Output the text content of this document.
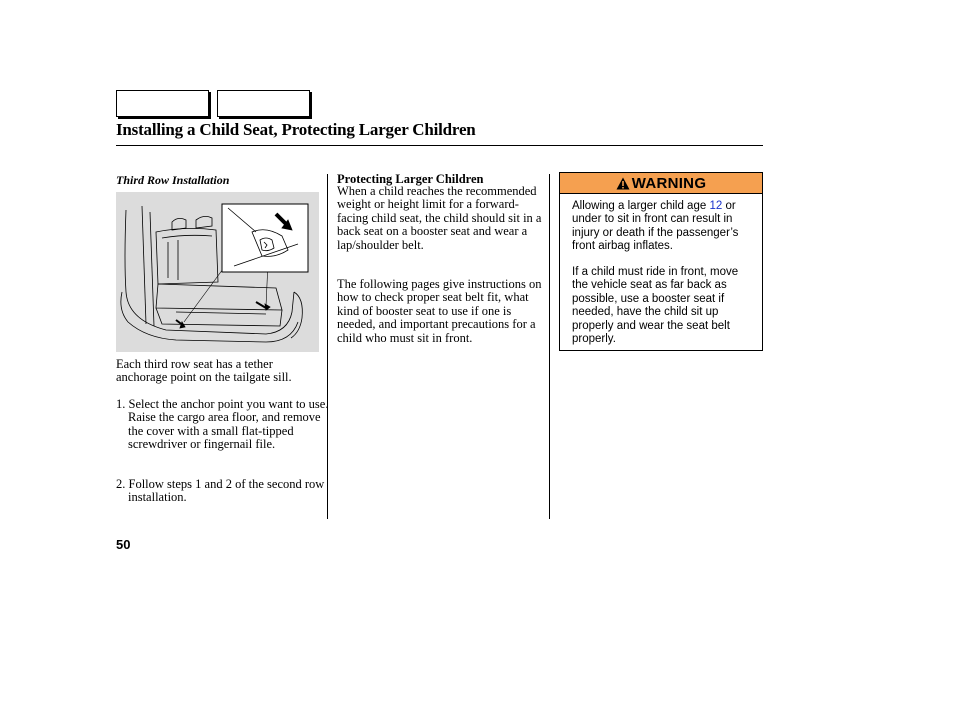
Installing a Child Seat, Protecting Larger Children
Third Row Installation
Each third row seat has a tether anchorage point on the tailgate sill.
1. Select the anchor point you want to use. Raise the cargo area floor, and remove the cover with a small flat-tipped screwdriver or fingernail file.
2. Follow steps 1 and 2 of the second row installation.
Protecting Larger Children
When a child reaches the recommended weight or height limit for a forward-facing child seat, the child should sit in a back seat on a booster seat and wear a lap/shoulder belt.
The following pages give instructions on how to check proper seat belt fit, what kind of booster seat to use if one is needed, and important precautions for a child who must sit in front.
WARNING
Allowing a larger child age 12 or under to sit in front can result in injury or death if the passenger’s front airbag inflates.
If a child must ride in front, move the vehicle seat as far back as possible, use a booster seat if needed, have the child sit up properly and wear the seat belt properly.
50
